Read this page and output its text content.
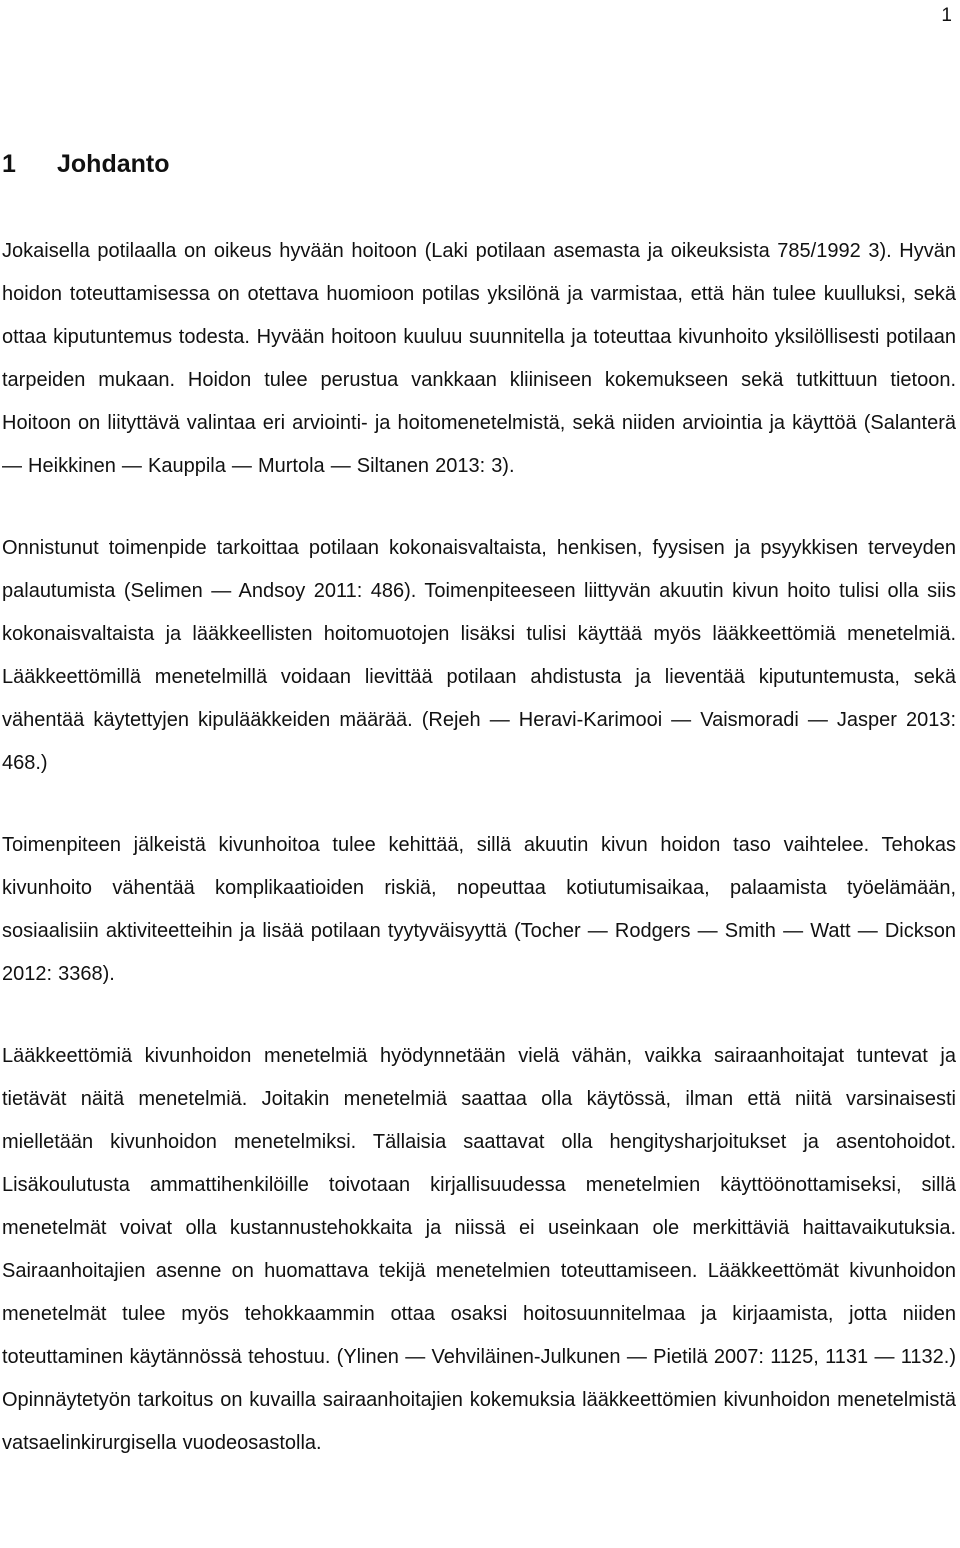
1
1 Johdanto

Jokaisella potilaalla on oikeus hyvään hoitoon (Laki potilaan asemasta ja oikeuksista 785/1992 3). Hyvän hoidon toteuttamisessa on otettava huomioon potilas yksilönä ja varmistaa, että hän tulee kuulluksi, sekä ottaa kiputuntemus todesta. Hyvään hoitoon kuuluu suunnitella ja toteuttaa kivunhoito yksilöllisesti potilaan tarpeiden mukaan. Hoidon tulee perustua vankkaan kliiniseen kokemukseen sekä tutkittuun tietoon. Hoitoon on liityttävä valintaa eri arviointi- ja hoitomenetelmistä, sekä niiden arviointia ja käyttöä (Salanterä — Heikkinen — Kauppila — Murtola — Siltanen 2013: 3).

Onnistunut toimenpide tarkoittaa potilaan kokonaisvaltaista, henkisen, fyysisen ja psyykkisen terveyden palautumista (Selimen — Andsoy 2011: 486). Toimenpiteeseen liittyvän akuutin kivun hoito tulisi olla siis kokonaisvaltaista ja lääkkeellisten hoitomuotojen lisäksi tulisi käyttää myös lääkkeettömiä menetelmiä. Lääkkeettömillä menetelmillä voidaan lievittää potilaan ahdistusta ja lieventää kiputuntemusta, sekä vähentää käytettyjen kipulääkkeiden määrää. (Rejeh — Heravi-Karimooi — Vaismoradi — Jasper 2013: 468.)

Toimenpiteen jälkeistä kivunhoitoa tulee kehittää, sillä akuutin kivun hoidon taso vaihtelee. Tehokas kivunhoito vähentää komplikaatioiden riskiä, nopeuttaa kotiutumisaikaa, palaamista työelämään, sosiaalisiin aktiviteetteihin ja lisää potilaan tyytyväisyyttä (Tocher — Rodgers — Smith — Watt — Dickson 2012: 3368).

Lääkkeettömiä kivunhoidon menetelmiä hyödynnetään vielä vähän, vaikka sairaanhoitajat tuntevat ja tietävät näitä menetelmiä. Joitakin menetelmiä saattaa olla käytössä, ilman että niitä varsinaisesti mielletään kivunhoidon menetelmiksi. Tällaisia saattavat olla hengitysharjoitukset ja asentohoidot. Lisäkoulutusta ammattihenkilöille toivotaan kirjallisuudessa menetelmien käyttöönottamiseksi, sillä menetelmät voivat olla kustannustehokkaita ja niissä ei useinkaan ole merkittäviä haittavaikutuksia. Sairaanhoitajien asenne on huomattava tekijä menetelmien toteuttamiseen. Lääkkeettömät kivunhoidon menetelmät tulee myös tehokkaammin ottaa osaksi hoitosuunnitelmaa ja kirjaamista, jotta niiden toteuttaminen käytännössä tehostuu. (Ylinen — Vehviläinen-Julkunen — Pietilä 2007: 1125, 1131 — 1132.) Opinnäytetyön tarkoitus on kuvailla sairaanhoitajien kokemuksia lääkkeettömien kivunhoidon menetelmistä vatsaelinkirurgisella vuodeosastolla.
